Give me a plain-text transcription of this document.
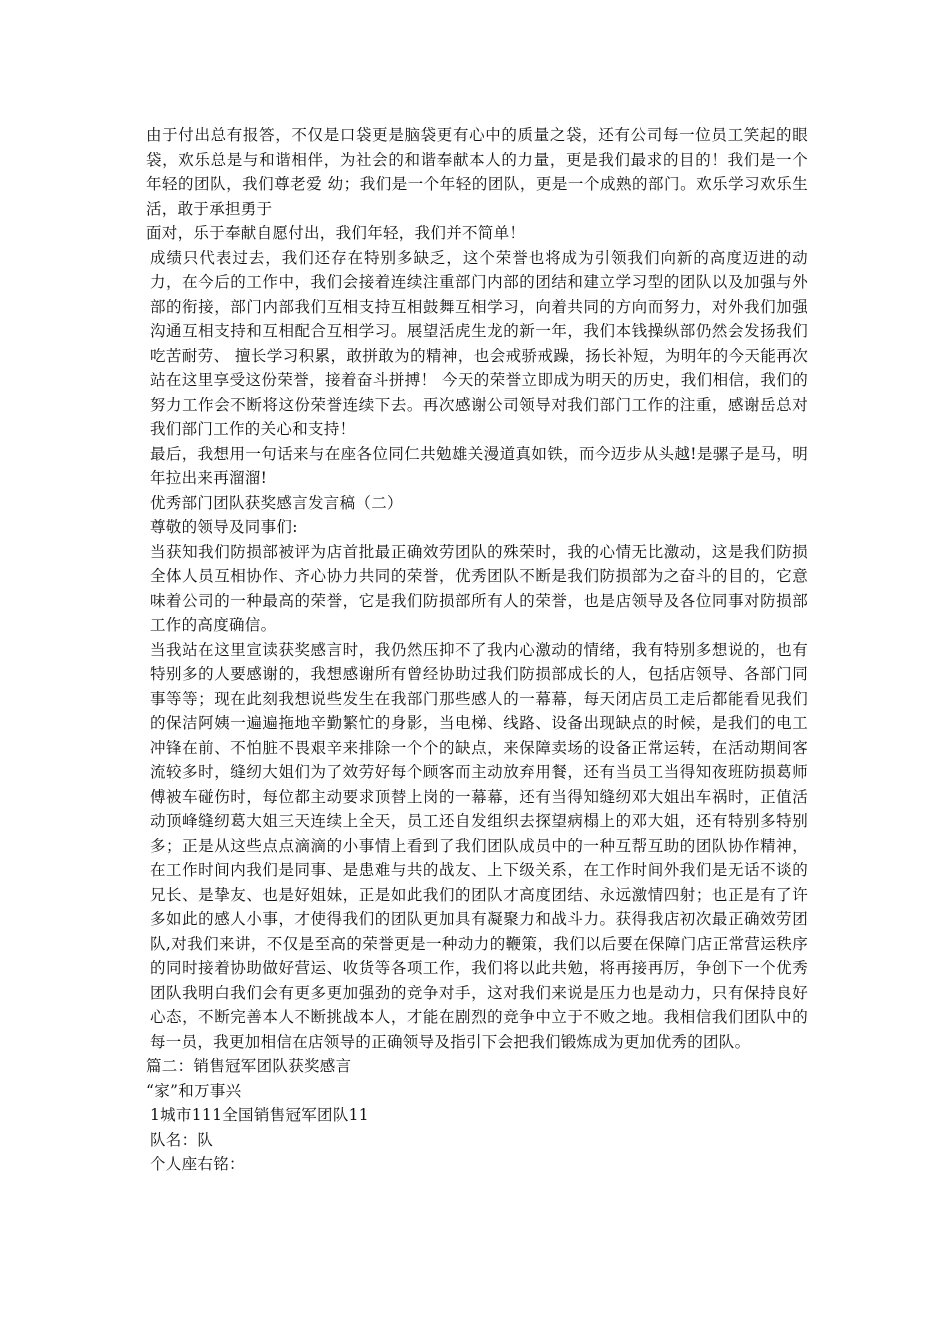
由于付出总有报答，不仅是口袋更是脑袋更有心中的质量之袋，还有公司每一位员工笑起的眼袋，欢乐总是与和谐相伴，为社会的和谐奉献本人的力量，更是我们最求的目的！我们是一个年轻的团队，我们尊老爱 幼；我们是一个年轻的团队，更是一个成熟的部门。欢乐学习欢乐生活，敢于承担勇于

面对，乐于奉献自愿付出，我们年轻，我们并不简单！

成绩只代表过去，我们还存在特别多缺乏，这个荣誉也将成为引领我们向新的高度迈进的动力，在今后的工作中，我们会接着连续注重部门内部的团结和建立学习型的团队以及加强与外部的衔接，部门内部我们互相支持互相鼓舞互相学习，向着共同的方向而努力，对外我们加强沟通互相支持和互相配合互相学习。展望活虎生龙的新一年，我们本钱操纵部仍然会发扬我们吃苦耐劳、 擅长学习积累，敢拼敢为的精神，也会戒骄戒躁，扬长补短，为明年的今天能再次站在这里享受这份荣誉，接着奋斗拼搏！ 今天的荣誉立即成为明天的历史，我们相信，我们的努力工作会不断将这份荣誉连续下去。再次感谢公司领导对我们部门工作的注重，感谢岳总对我们部门工作的关心和支持！

最后，我想用一句话来与在座各位同仁共勉雄关漫道真如铁，而今迈步从头越!是骡子是马，明年拉出来再溜溜!

优秀部门团队获奖感言发言稿（二）

尊敬的领导及同事们:

当获知我们防损部被评为店首批最正确效劳团队的殊荣时，我的心情无比激动，这是我们防损全体人员互相协作、齐心协力共同的荣誉，优秀团队不断是我们防损部为之奋斗的目的，它意味着公司的一种最高的荣誉，它是我们防损部所有人的荣誉，也是店领导及各位同事对防损部工作的高度确信。

当我站在这里宣读获奖感言时，我仍然压抑不了我内心激动的情绪，我有特别多想说的，也有特别多的人要感谢的，我想感谢所有曾经协助过我们防损部成长的人，包括店领导、各部门同事等等；现在此刻我想说些发生在我部门那些感人的一幕幕，每天闭店员工走后都能看见我们的保洁阿姨一遍遍拖地辛勤繁忙的身影，当电梯、线路、设备出现缺点的时候，是我们的电工冲锋在前、不怕脏不畏艰辛来排除一个个的缺点，来保障卖场的设备正常运转，在活动期间客流较多时，缝纫大姐们为了效劳好每个顾客而主动放弃用餐，还有当员工当得知夜班防损葛师傅被车碰伤时，每位都主动要求顶替上岗的一幕幕，还有当得知缝纫邓大姐出车祸时，正值活动顶峰缝纫葛大姐三天连续上全天，员工还自发组织去探望病榻上的邓大姐，还有特别多特别多；正是从这些点点滴滴的小事情上看到了我们团队成员中的一种互帮互助的团队协作精神，在工作时间内我们是同事、是患难与共的战友、上下级关系，在工作时间外我们是无话不谈的兄长、是挚友、也是好姐妹，正是如此我们的团队才高度团结、永远激情四射；也正是有了许多如此的感人小事，才使得我们的团队更加具有凝聚力和战斗力。获得我店初次最正确效劳团队,对我们来讲，不仅是至高的荣誉更是一种动力的鞭策，我们以后要在保障门店正常营运秩序的同时接着协助做好营运、收货等各项工作，我们将以此共勉，将再接再厉，争创下一个优秀团队我明白我们会有更多更加强劲的竞争对手，这对我们来说是压力也是动力，只有保持良好心态，不断完善本人不断挑战本人，才能在剧烈的竞争中立于不败之地。我相信我们团队中的每一员，我更加相信在店领导的正确领导及指引下会把我们锻炼成为更加优秀的团队。

篇二：销售冠军团队获奖感言

“家”和万事兴

1城市111全国销售冠军团队11

队名：队

个人座右铭：
